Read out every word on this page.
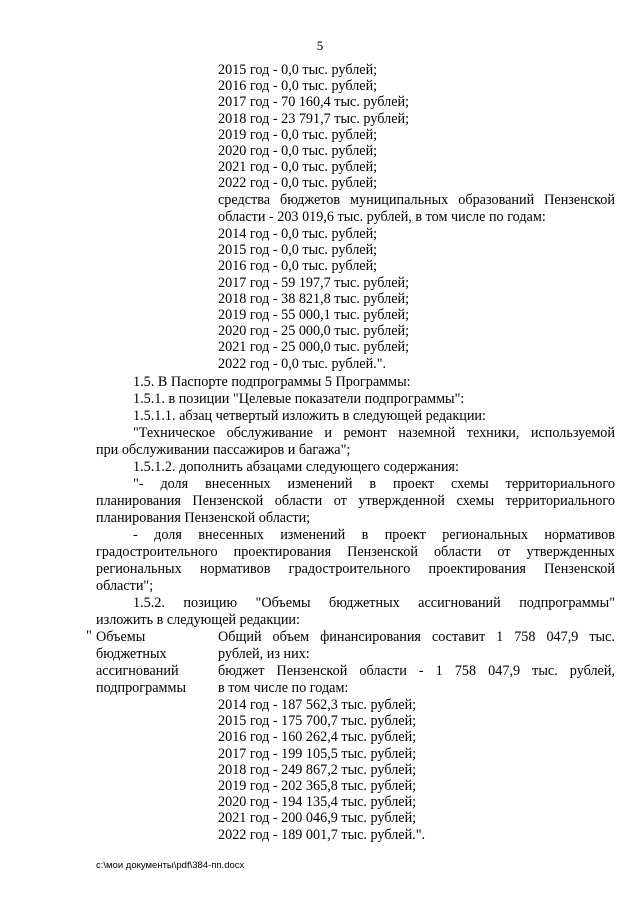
5
2015 год - 0,0 тыс. рублей;
2016 год - 0,0 тыс. рублей;
2017 год - 70 160,4 тыс. рублей;
2018 год - 23 791,7 тыс. рублей;
2019 год - 0,0 тыс. рублей;
2020 год - 0,0 тыс. рублей;
2021 год - 0,0 тыс. рублей;
2022 год - 0,0 тыс. рублей;
средства бюджетов муниципальных образований Пензенской
области - 203 019,6 тыс. рублей, в том числе по годам:
2014 год - 0,0 тыс. рублей;
2015 год - 0,0 тыс. рублей;
2016 год - 0,0 тыс. рублей;
2017 год - 59 197,7 тыс. рублей;
2018 год - 38 821,8 тыс. рублей;
2019 год - 55 000,1 тыс. рублей;
2020 год - 25 000,0 тыс. рублей;
2021 год - 25 000,0 тыс. рублей;
2022 год - 0,0 тыс. рублей.".
1.5. В Паспорте подпрограммы 5 Программы:
1.5.1. в позиции "Целевые показатели подпрограммы":
1.5.1.1. абзац четвертый изложить в следующей редакции:
"Техническое обслуживание и ремонт наземной техники, используемой
при обслуживании пассажиров и багажа";
1.5.1.2. дополнить абзацами следующего содержания:
"- доля внесенных изменений в проект схемы территориального
планирования Пензенской области от утвержденной схемы территориального
планирования Пензенской области;
- доля внесенных изменений в проект региональных нормативов
градостроительного проектирования Пензенской области от утвержденных
региональных нормативов градостроительного проектирования Пензенской
области";
1.5.2. позицию "Объемы бюджетных ассигнований подпрограммы"
изложить в следующей редакции:
" Объемы
бюджетных
ассигнований
подпрограммы
Общий объем финансирования составит 1 758 047,9 тыс.
рублей, из них:
бюджет Пензенской области - 1 758 047,9 тыс. рублей,
в том числе по годам:
2014 год - 187 562,3 тыс. рублей;
2015 год - 175 700,7 тыс. рублей;
2016 год - 160 262,4 тыс. рублей;
2017 год - 199 105,5 тыс. рублей;
2018 год - 249 867,2 тыс. рублей;
2019 год - 202 365,8 тыс. рублей;
2020 год - 194 135,4 тыс. рублей;
2021 год - 200 046,9 тыс. рублей;
2022 год - 189 001,7 тыс. рублей.".
c:\мои документы\pdf\384-пп.docx
